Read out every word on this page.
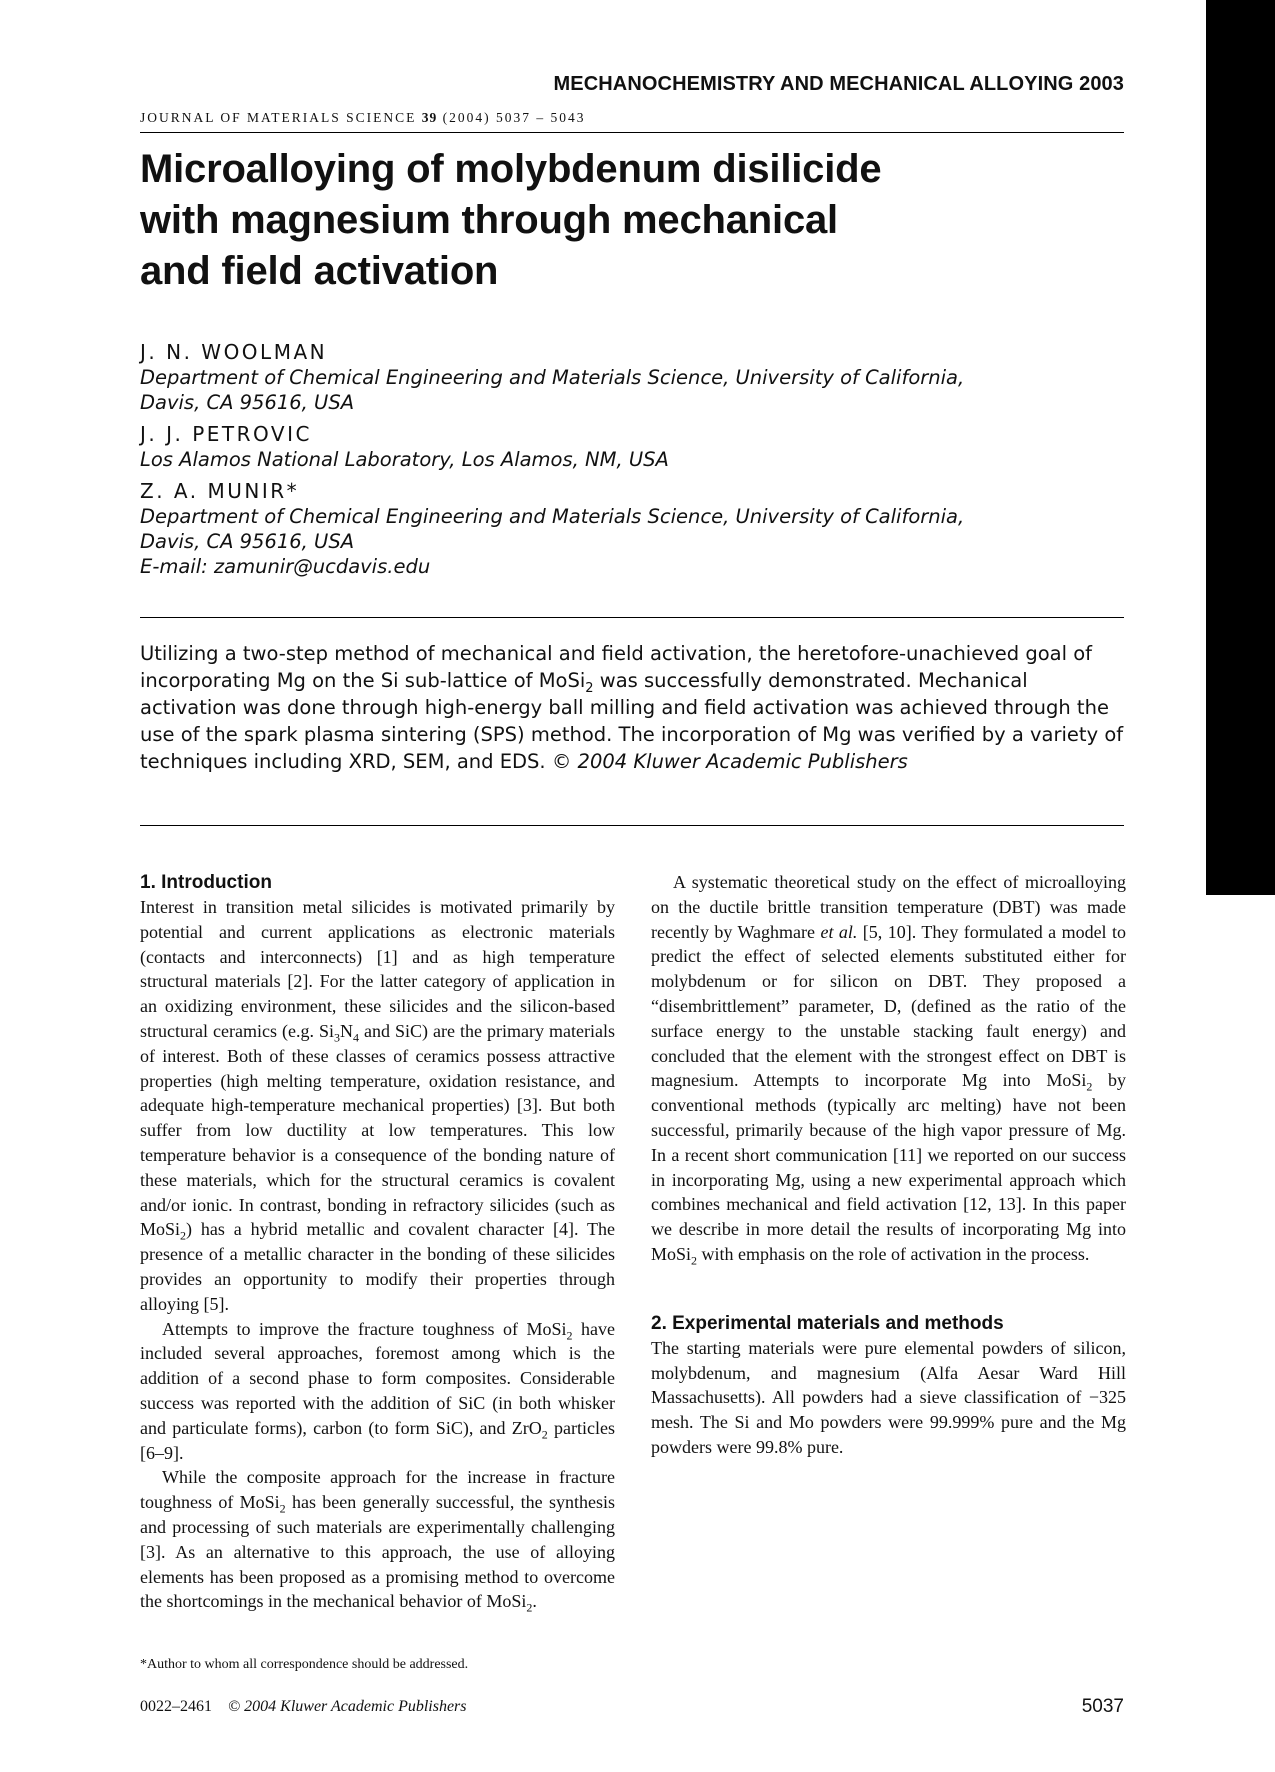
MECHANOCHEMISTRY AND MECHANICAL ALLOYING 2003
JOURNAL OF MATERIALS SCIENCE 39 (2004) 5037 – 5043
Microalloying of molybdenum disilicide
with magnesium through mechanical
and field activation
J. N. WOOLMAN
Department of Chemical Engineering and Materials Science, University of California,
Davis, CA 95616, USA
J. J. PETROVIC
Los Alamos National Laboratory, Los Alamos, NM, USA
Z. A. MUNIR*
Department of Chemical Engineering and Materials Science, University of California,
Davis, CA 95616, USA
E-mail: zamunir@ucdavis.edu

Utilizing a two-step method of mechanical and field activation, the heretofore-unachieved goal of incorporating Mg on the Si sub-lattice of MoSi$_2$ was successfully demonstrated. Mechanical activation was done through high-energy ball milling and field activation was achieved through the use of the spark plasma sintering (SPS) method. The incorporation of Mg was verified by a variety of techniques including XRD, SEM, and EDS. © 2004 Kluwer Academic Publishers

1. Introduction

Interest in transition metal silicides is motivated primarily by potential and current applications as electronic materials (contacts and interconnects) [1] and as high temperature structural materials [2]. For the latter category of application in an oxidizing environment, these silicides and the silicon-based structural ceramics (e.g. $Si_3N_4$ and SiC) are the primary materials of interest. Both of these classes of ceramics possess attractive properties (high melting temperature, oxidation resistance, and adequate high-temperature mechanical properties) [3]. But both suffer from low ductility at low temperatures. This low temperature behavior is a consequence of the bonding nature of these materials, which for the structural ceramics is covalent and/or ionic. In contrast, bonding in refractory silicides (such as MoSi$_2$) has a hybrid metallic and covalent character [4]. The presence of a metallic character in the bonding of these silicides provides an opportunity to modify their properties through alloying [5].

Attempts to improve the fracture toughness of MoSi$_2$ have included several approaches, foremost among which is the addition of a second phase to form composites. Considerable success was reported with the addition of SiC (in both whisker and particulate forms), carbon (to form SiC), and ZrO$_2$ particles [6–9].

While the composite approach for the increase in fracture toughness of MoSi$_2$ has been generally successful, the synthesis and processing of such materials are experimentally challenging [3]. As an alternative to this approach, the use of alloying elements has been proposed as a promising method to overcome the shortcomings in the mechanical behavior of MoSi$_2$.

A systematic theoretical study on the effect of microalloying on the ductile brittle transition temperature (DBT) was made recently by Waghmare et al. [5, 10]. They formulated a model to predict the effect of selected elements substituted either for molybdenum or for silicon on DBT. They proposed a “disembrittlement” parameter, D, (defined as the ratio of the surface energy to the unstable stacking fault energy) and concluded that the element with the strongest effect on DBT is magnesium. Attempts to incorporate Mg into MoSi$_2$ by conventional methods (typically arc melting) have not been successful, primarily because of the high vapor pressure of Mg. In a recent short communication [11] we reported on our success in incorporating Mg, using a new experimental approach which combines mechanical and field activation [12, 13]. In this paper we describe in more detail the results of incorporating Mg into MoSi$_2$ with emphasis on the role of activation in the process.

2. Experimental materials and methods

The starting materials were pure elemental powders of silicon, molybdenum, and magnesium (Alfa Aesar Ward Hill Massachusetts). All powders had a sieve classification of −325 mesh. The Si and Mo powders were 99.999% pure and the Mg powders were 99.8% pure.

*Author to whom all correspondence should be addressed.
0022–2461 © 2004 Kluwer Academic Publishers	5037
